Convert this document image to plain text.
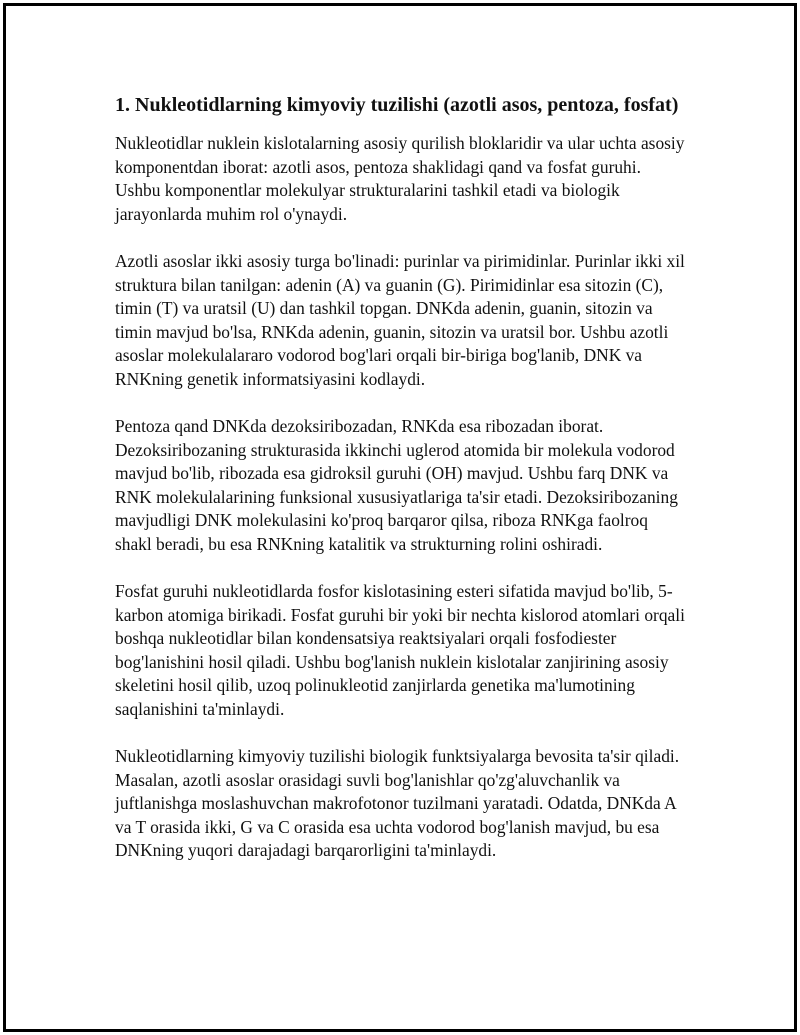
1. Nukleotidlarning kimyoviy tuzilishi (azotli asos, pentoza, fosfat)

Nukleotidlar nuklein kislotalarning asosiy qurilish bloklaridir va ular uchta asosiy komponentdan iborat: azotli asos, pentoza shaklidagi qand va fosfat guruhi. Ushbu komponentlar molekulyar strukturalarini tashkil etadi va biologik jarayonlarda muhim rol o'ynaydi.

Azotli asoslar ikki asosiy turga bo'linadi: purinlar va pirimidinlar. Purinlar ikki xil struktura bilan tanilgan: adenin (A) va guanin (G). Pirimidinlar esa sitozin (C), timin (T) va uratsil (U) dan tashkil topgan. DNKda adenin, guanin, sitozin va timin mavjud bo'lsa, RNKda adenin, guanin, sitozin va uratsil bor. Ushbu azotli asoslar molekulalararo vodorod bog'lari orqali bir-biriga bog'lanib, DNK va RNKning genetik informatsiyasini kodlaydi.

Pentoza qand DNKda dezoksiribozadan, RNKda esa ribozadan iborat. Dezoksiribozaning strukturasida ikkinchi uglerod atomida bir molekula vodorod mavjud bo'lib, ribozada esa gidroksil guruhi (OH) mavjud. Ushbu farq DNK va RNK molekulalarining funksional xususiyatlariga ta'sir etadi. Dezoksiribozaning mavjudligi DNK molekulasini ko'proq barqaror qilsa, riboza RNKga faolroq shakl beradi, bu esa RNKning katalitik va strukturning rolini oshiradi.

Fosfat guruhi nukleotidlarda fosfor kislotasining esteri sifatida mavjud bo'lib, 5-karbon atomiga birikadi. Fosfat guruhi bir yoki bir nechta kislorod atomlari orqali boshqa nukleotidlar bilan kondensatsiya reaktsiyalari orqali fosfodiester bog'lanishini hosil qiladi. Ushbu bog'lanish nuklein kislotalar zanjirining asosiy skeletini hosil qilib, uzoq polinukleotid zanjirlarda genetika ma'lumotining saqlanishini ta'minlaydi.

Nukleotidlarning kimyoviy tuzilishi biologik funktsiyalarga bevosita ta'sir qiladi. Masalan, azotli asoslar orasidagi suvli bog'lanishlar qo'zg'aluvchanlik va juftlanishga moslashuvchan makrofotonor tuzilmani yaratadi. Odatda, DNKda A va T orasida ikki, G va C orasida esa uchta vodorod bog'lanish mavjud, bu esa DNKning yuqori darajadagi barqarorligini ta'minlaydi.
